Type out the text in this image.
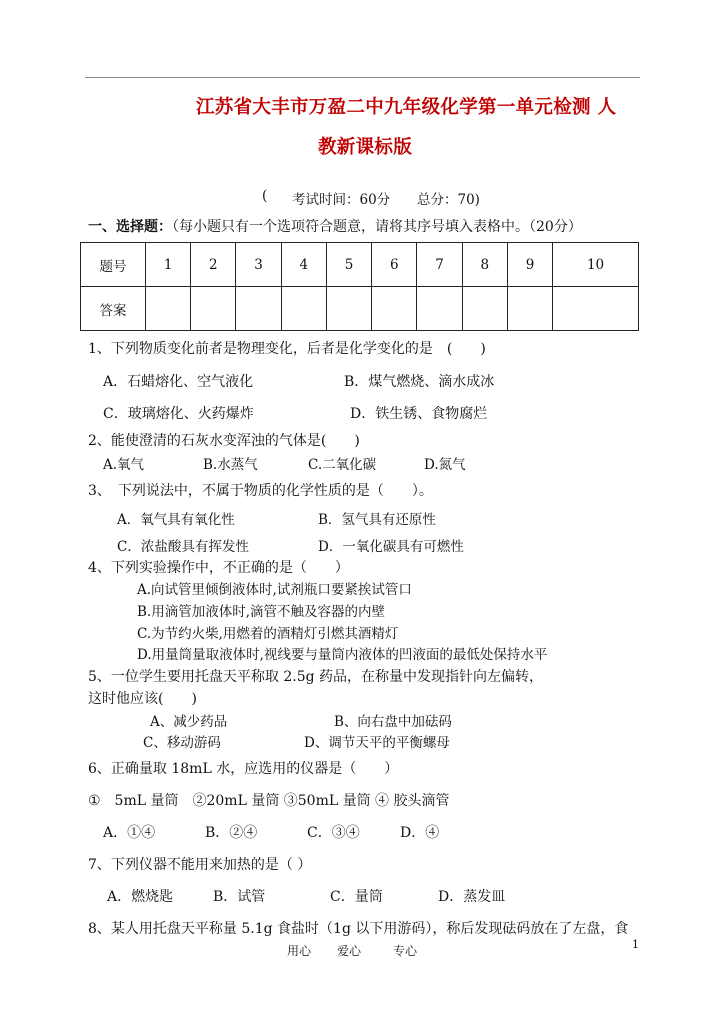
江苏省大丰市万盈二中九年级化学第一单元检测 人
教新课标版
( 考试时间：60分 总分：70)
一、选择题：（每小题只有一个选项符合题意，请将其序号填入表格中。（20分）
题号	1	2	3	4	5	6	7	8	9	10
答案										
1、下列物质变化前者是物理变化，后者是化学变化的是　(　　)
A．石蜡熔化、空气液化	B．煤气燃烧、滴水成冰
C．玻璃熔化、火药爆炸	D．铁生锈、食物腐烂
2、能使澄清的石灰水变浑浊的气体是(　　)
A.氧气	B.水蒸气	C.二氧化碳	D.氮气
3、　下列说法中，不属于物质的化学性质的是（　　）。
A．氧气具有氧化性	B．氢气具有还原性
C．浓盐酸具有挥发性	D．一氧化碳具有可燃性
4、下列实验操作中，不正确的是（　　）
A.向试管里倾倒液体时,试剂瓶口要紧挨试管口
B.用滴管加液体时,滴管不触及容器的内壁
C.为节约火柴,用燃着的酒精灯引燃其酒精灯
D.用量筒量取液体时,视线要与量筒内液体的凹液面的最低处保持水平
5、一位学生要用托盘天平称取 2.5g 药品，在称量中发现指针向左偏转，
这时他应该(　　)
A、减少药品	B、向右盘中加砝码
C、移动游码	D、调节天平的平衡螺母
6、正确量取 18mL 水，应选用的仪器是（　　）
①　5mL 量筒　②20mL 量筒 ③50mL 量筒 ④ 胶头滴管
A．①④	B．②④	C．③④	D．④
7、下列仪器不能用来加热的是（ ）
A．燃烧匙	B．试管	C．量筒	D．蒸发皿
8、某人用托盘天平称量 5.1g 食盐时（1g 以下用游码），称后发现砝码放在了左盘，食
用心 爱心	专心	1
